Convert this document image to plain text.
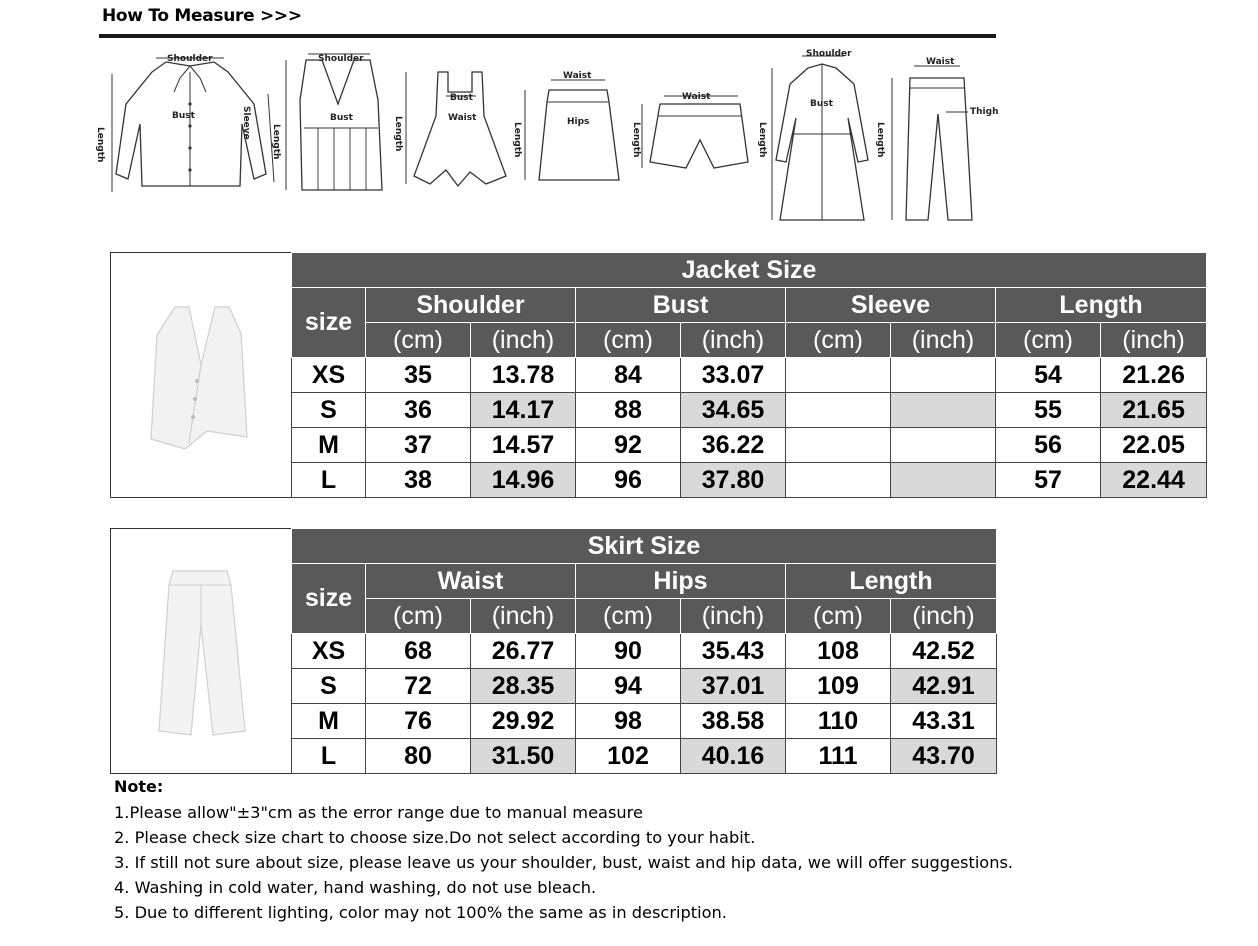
How To Measure >>>
Shoulder
Bust
Length
Sleeve
Shoulder
Bust
Length
Bust
Waist
Length
Waist
Hips
Length
Waist
Length
Shoulder
Bust
Length
Waist
Thigh
Length
Jacket Size								
size	Shoulder		Bust		Sleeve		Length	
	(cm)	(inch)	(cm)	(inch)	(cm)	(inch)	(cm)	(inch)
XS	35	13.78	84	33.07			54	21.26
S	36	14.17	88	34.65			55	21.65
M	37	14.57	92	36.22			56	22.05
L	38	14.96	96	37.80			57	22.44
Skirt Size						
size	Waist		Hips		Length	
	(cm)	(inch)	(cm)	(inch)	(cm)	(inch)
XS	68	26.77	90	35.43	108	42.52
S	72	28.35	94	37.01	109	42.91
M	76	29.92	98	38.58	110	43.31
L	80	31.50	102	40.16	111	43.70
Note:
1.Please allow"±3"cm as the error range due to manual measure
2. Please check size chart to choose size.Do not select according to your habit.
3. If still not sure about size, please leave us your shoulder, bust, waist and hip data, we will offer suggestions.
4. Washing in cold water, hand washing, do not use bleach.
5. Due to different lighting, color may not 100% the same as in description.
